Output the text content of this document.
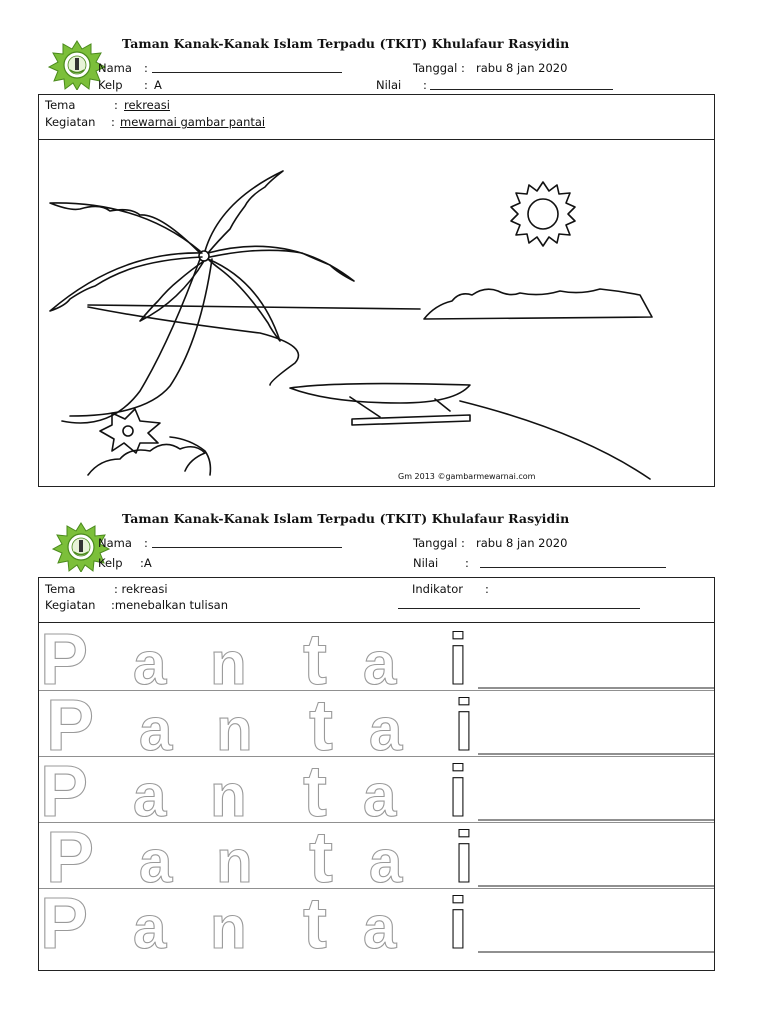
Taman Kanak-Kanak Islam Terpadu (TKIT) Khulafaur Rasyidin
Nama :	Tanggal : rabu 8 jan 2020
Kelp : A	Nilai :
Tema	: rekreasi
Kegiatan : mewarnai gambar pantai
Gm 2013 ©gambarmewarnai.com
Taman Kanak-Kanak Islam Terpadu (TKIT) Khulafaur Rasyidin
Nama :	Tanggal : rabu 8 jan 2020
Kelp :A	Nilai :
Tema	: rekreasi	Indikator :
Kegiatan :menebalkan tulisan
P a n t a i
P a n t a i
P a n t a i
P a n t a i
P a n t a i
